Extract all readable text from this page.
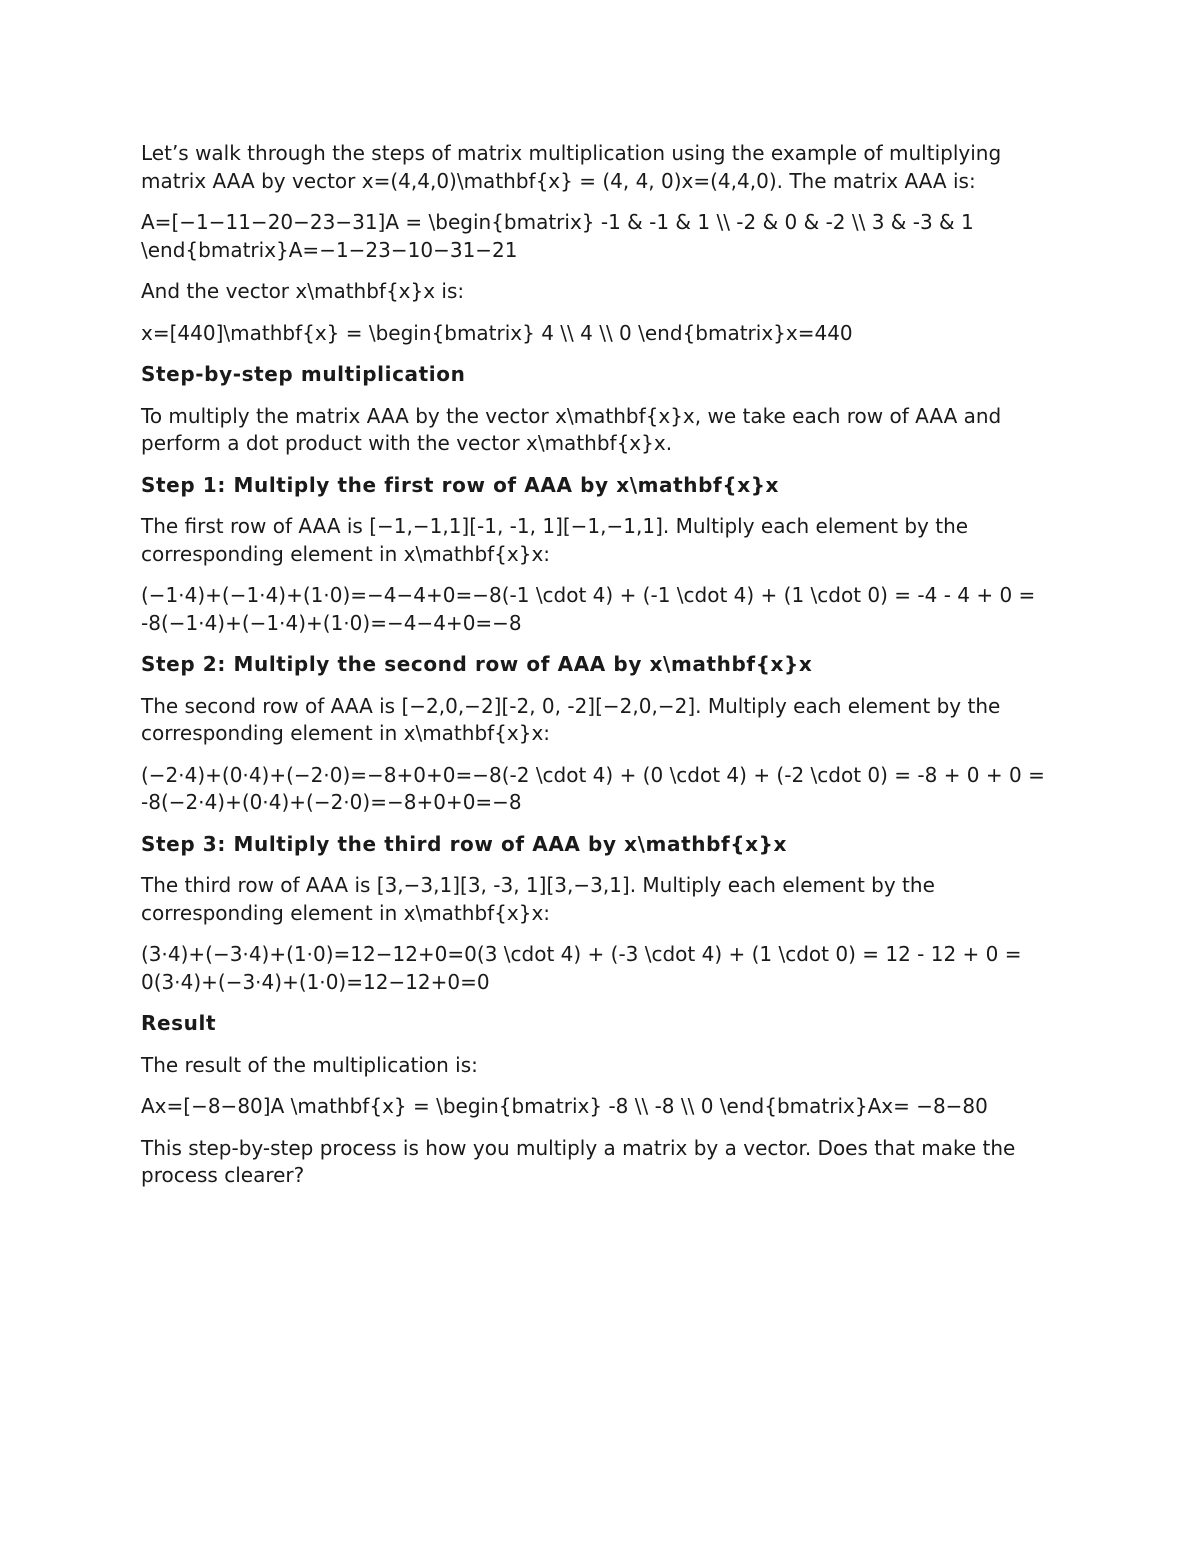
Let’s walk through the steps of matrix multiplication using the example of multiplying matrix AAA by vector x=(4,4,0)\mathbf{x} = (4, 4, 0)x=(4,4,0). The matrix AAA is:

A=[−1−11−20−23−31]A = \begin{bmatrix} -1 & -1 & 1 \\ -2 & 0 & -2 \\ 3 & -3 & 1 \end{bmatrix}A=−1−23−10−31−21

And the vector x\mathbf{x}x is:

x=[440]\mathbf{x} = \begin{bmatrix} 4 \\ 4 \\ 0 \end{bmatrix}x=440

Step-by-step multiplication

To multiply the matrix AAA by the vector x\mathbf{x}x, we take each row of AAA and perform a dot product with the vector x\mathbf{x}x.

Step 1: Multiply the first row of AAA by x\mathbf{x}x

The first row of AAA is [−1,−1,1][-1, -1, 1][−1,−1,1]. Multiply each element by the corresponding element in x\mathbf{x}x:

(−1⋅4)+(−1⋅4)+(1⋅0)=−4−4+0=−8(-1 \cdot 4) + (-1 \cdot 4) + (1 \cdot 0) = -4 - 4 + 0 = -8(−1⋅4)+(−1⋅4)+(1⋅0)=−4−4+0=−8

Step 2: Multiply the second row of AAA by x\mathbf{x}x

The second row of AAA is [−2,0,−2][-2, 0, -2][−2,0,−2]. Multiply each element by the corresponding element in x\mathbf{x}x:

(−2⋅4)+(0⋅4)+(−2⋅0)=−8+0+0=−8(-2 \cdot 4) + (0 \cdot 4) + (-2 \cdot 0) = -8 + 0 + 0 = -8(−2⋅4)+(0⋅4)+(−2⋅0)=−8+0+0=−8

Step 3: Multiply the third row of AAA by x\mathbf{x}x

The third row of AAA is [3,−3,1][3, -3, 1][3,−3,1]. Multiply each element by the corresponding element in x\mathbf{x}x:

(3⋅4)+(−3⋅4)+(1⋅0)=12−12+0=0(3 \cdot 4) + (-3 \cdot 4) + (1 \cdot 0) = 12 - 12 + 0 = 0(3⋅4)+(−3⋅4)+(1⋅0)=12−12+0=0

Result

The result of the multiplication is:

Ax=[−8−80]A \mathbf{x} = \begin{bmatrix} -8 \\ -8 \\ 0 \end{bmatrix}Ax= −8−80

This step-by-step process is how you multiply a matrix by a vector. Does that make the process clearer?
